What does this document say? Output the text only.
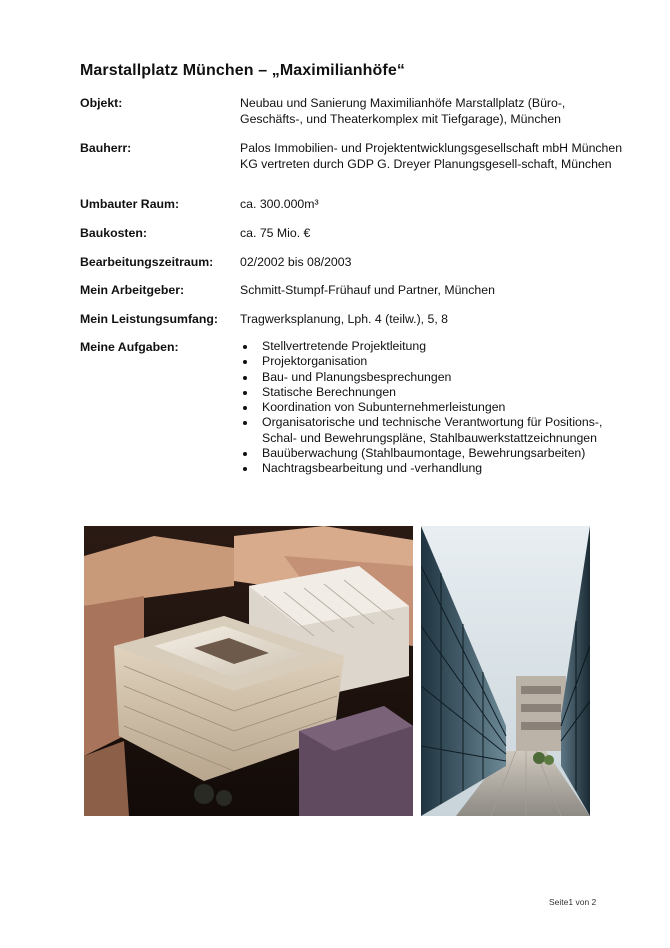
Marstallplatz München – „Maximilianhöfe“
Objekt:	Neubau und Sanierung Maximilianhöfe Marstallplatz (Büro-, Geschäfts-, und Theaterkomplex mit Tiefgarage), München
Bauherr:	Palos Immobilien- und Projektentwicklungsgesellschaft mbH München KG vertreten durch GDP G. Dreyer Planungsgesell-schaft, München
Umbauter Raum:	ca. 300.000m³
Baukosten:	ca. 75 Mio. €
Bearbeitungszeitraum: 02/2002 bis 08/2003
Mein Arbeitgeber:	Schmitt-Stumpf-Frühauf und Partner, München
Mein Leistungsumfang: Tragwerksplanung, Lph. 4 (teilw.), 5, 8
Meine Aufgaben:	Stellvertretende Projektleitung
Projektorganisation
Bau- und Planungsbesprechungen
Statische Berechnungen
Koordination von Subunternehmerleistungen
Organisatorische und technische Verantwortung für Positions-, Schal- und Bewehrungspläne, Stahlbauwerkstattzeichnungen
Bauüberwachung (Stahlbaumontage, Bewehrungsarbeiten)
Nachtragsbearbeitung und -verhandlung
Seite1 von 2
